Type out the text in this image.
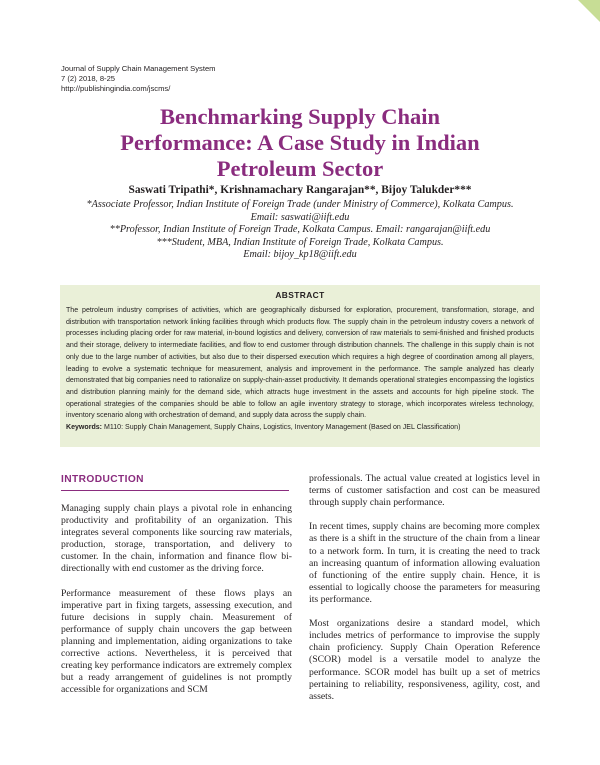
Journal of Supply Chain Management System
7 (2) 2018, 8-25
http://publishingindia.com/jscms/
Benchmarking Supply Chain
Performance: A Case Study in Indian
Petroleum Sector
Saswati Tripathi*, Krishnamachary Rangarajan**, Bijoy Talukder***
*Associate Professor, Indian Institute of Foreign Trade (under Ministry of Commerce), Kolkata Campus.
Email: saswati@iift.edu
**Professor, Indian Institute of Foreign Trade, Kolkata Campus. Email: rangarajan@iift.edu
***Student, MBA, Indian Institute of Foreign Trade, Kolkata Campus.
Email: bijoy_kp18@iift.edu
ABSTRACT
The petroleum industry comprises of activities, which are geographically disbursed for exploration, procurement, transformation, storage, and distribution with transportation network linking facilities through which products flow. The supply chain in the petroleum industry covers a network of processes including placing order for raw material, in-bound logistics and delivery, conversion of raw materials to semi-finished and finished products and their storage, delivery to intermediate facilities, and flow to end customer through distribution channels. The challenge in this supply chain is not only due to the large number of activities, but also due to their dispersed execution which requires a high degree of coordination among all players, leading to evolve a systematic technique for measurement, analysis and improvement in the performance. The sample analyzed has clearly demonstrated that big companies need to rationalize on supply-chain-asset productivity. It demands operational strategies encompassing the logistics and distribution planning mainly for the demand side, which attracts huge investment in the assets and accounts for high pipeline stock. The operational strategies of the companies should be able to follow an agile inventory strategy to storage, which incorporates wireless technology, inventory scenario along with orchestration of demand, and supply data across the supply chain.
Keywords: M110: Supply Chain Management, Supply Chains, Logistics, Inventory Management (Based on JEL Classification)
INTRODUCTION

Managing supply chain plays a pivotal role in enhancing productivity and profitability of an organization. This integrates several components like sourcing raw materials, production, storage, transportation, and delivery to customer. In the chain, information and finance flow bi-directionally with end customer as the driving force.

Performance measurement of these flows plays an imperative part in fixing targets, assessing execution, and future decisions in supply chain. Measurement of performance of supply chain uncovers the gap between planning and implementation, aiding organizations to take corrective actions. Nevertheless, it is perceived that creating key performance indicators are extremely complex but a ready arrangement of guidelines is not promptly accessible for organizations and SCM

professionals. The actual value created at logistics level in terms of customer satisfaction and cost can be measured through supply chain performance.

In recent times, supply chains are becoming more complex as there is a shift in the structure of the chain from a linear to a network form. In turn, it is creating the need to track an increasing quantum of information allowing evaluation of functioning of the entire supply chain. Hence, it is essential to logically choose the parameters for measuring its performance.

Most organizations desire a standard model, which includes metrics of performance to improvise the supply chain proficiency. Supply Chain Operation Reference (SCOR) model is a versatile model to analyze the performance. SCOR model has built up a set of metrics pertaining to reliability, responsiveness, agility, cost, and assets.
